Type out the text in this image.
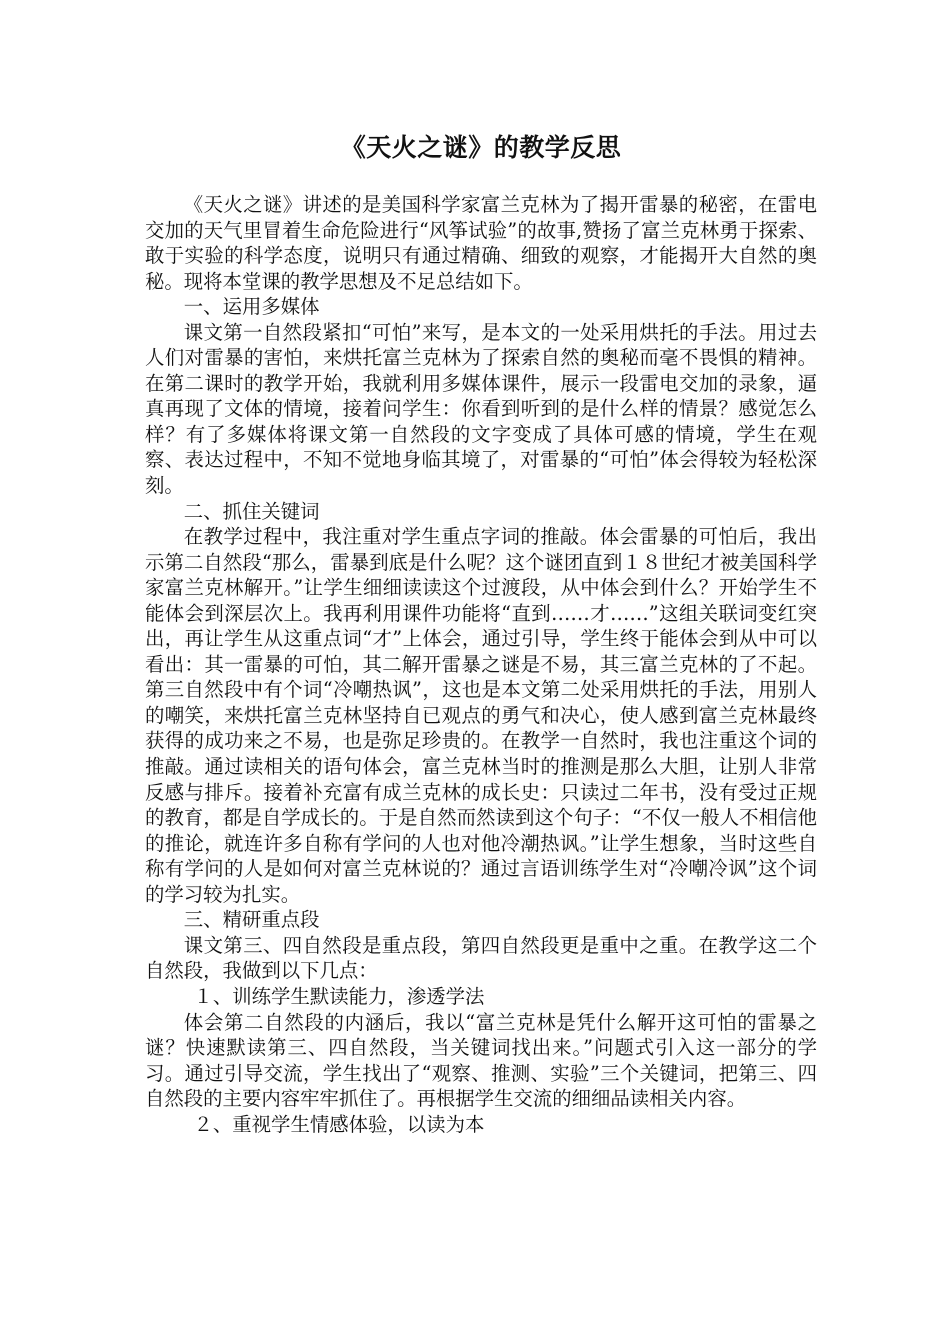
《天火之谜》的教学反思

《天火之谜》讲述的是美国科学家富兰克林为了揭开雷暴的秘密，在雷电交加的天气里冒着生命危险进行“风筝试验”的故事,赞扬了富兰克林勇于探索、敢于实验的科学态度，说明只有通过精确、细致的观察，才能揭开大自然的奥秘。现将本堂课的教学思想及不足总结如下。

一、运用多媒体

课文第一自然段紧扣“可怕”来写，是本文的一处采用烘托的手法。用过去人们对雷暴的害怕，来烘托富兰克林为了探索自然的奥秘而毫不畏惧的精神。在第二课时的教学开始，我就利用多媒体课件，展示一段雷电交加的录象，逼真再现了文体的情境，接着问学生：你看到听到的是什么样的情景？感觉怎么样？有了多媒体将课文第一自然段的文字变成了具体可感的情境，学生在观察、表达过程中，不知不觉地身临其境了，对雷暴的“可怕”体会得较为轻松深刻。

二、抓住关键词

在教学过程中，我注重对学生重点字词的推敲。体会雷暴的可怕后，我出示第二自然段“那么，雷暴到底是什么呢？这个谜团直到１８世纪才被美国科学家富兰克林解开。”让学生细细读读这个过渡段，从中体会到什么？开始学生不能体会到深层次上。我再利用课件功能将“直到……才……”这组关联词变红突出，再让学生从这重点词“才”上体会，通过引导，学生终于能体会到从中可以看出：其一雷暴的可怕，其二解开雷暴之谜是不易，其三富兰克林的了不起。第三自然段中有个词“冷嘲热讽”，这也是本文第二处采用烘托的手法，用别人的嘲笑，来烘托富兰克林坚持自已观点的勇气和决心，使人感到富兰克林最终获得的成功来之不易，也是弥足珍贵的。在教学一自然时，我也注重这个词的推敲。通过读相关的语句体会，富兰克林当时的推测是那么大胆，让别人非常反感与排斥。接着补充富有成兰克林的成长史：只读过二年书，没有受过正规的教育，都是自学成长的。于是自然而然读到这个句子：“不仅一般人不相信他的推论，就连许多自称有学问的人也对他冷潮热讽。”让学生想象，当时这些自称有学问的人是如何对富兰克林说的？通过言语训练学生对“冷嘲冷讽”这个词的学习较为扎实。

三、精研重点段

课文第三、四自然段是重点段，第四自然段更是重中之重。在教学这二个自然段，我做到以下几点：

１、训练学生默读能力，渗透学法

体会第二自然段的内涵后，我以“富兰克林是凭什么解开这可怕的雷暴之谜？快速默读第三、四自然段，当关键词找出来。”问题式引入这一部分的学习。通过引导交流，学生找出了“观察、推测、实验”三个关键词，把第三、四自然段的主要内容牢牢抓住了。再根据学生交流的细细品读相关内容。

２、重视学生情感体验，以读为本
